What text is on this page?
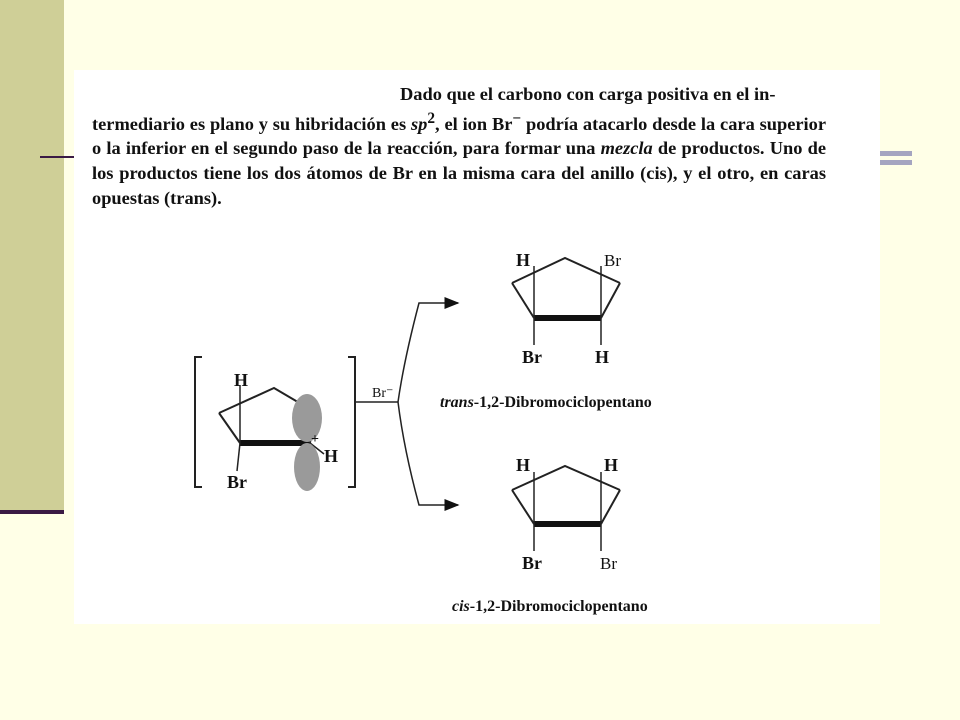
Dado que el carbono con carga positiva en el in-
termediario es plano y su hibridación es $sp^2$, el ion Br− podría atacarlo desde la cara superior o la inferior en el segundo paso de la reacción, para formar una mezcla de productos. Uno de los productos tiene los dos átomos de Br en la misma cara del anillo (cis), y el otro, en caras opuestas (trans).

H
Br
H
+
Br⁻
H	Br
Br	H
trans-1,2-Dibromociclopentano
H	H
Br	Br
cis-1,2-Dibromociclopentano
